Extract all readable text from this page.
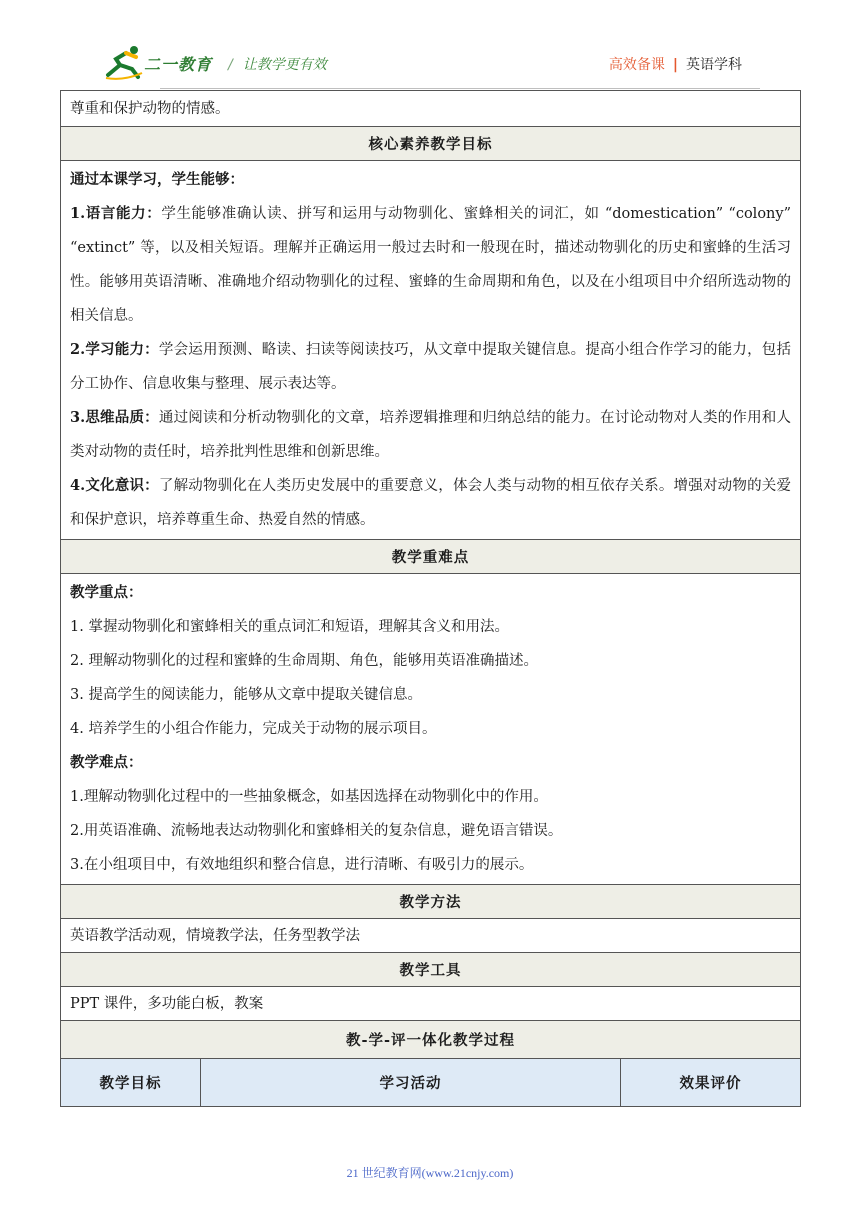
二一教育 / 让教学更有效	高效备课 | 英语学科
尊重和保护动物的情感。
核心素养教学目标

通过本课学习，学生能够：

1.语言能力：学生能够准确认读、拼写和运用与动物驯化、蜜蜂相关的词汇，如 “domestication” “colony” “extinct” 等，以及相关短语。理解并正确运用一般过去时和一般现在时，描述动物驯化的历史和蜜蜂的生活习性。能够用英语清晰、准确地介绍动物驯化的过程、蜜蜂的生命周期和角色，以及在小组项目中介绍所选动物的相关信息。

2.学习能力：学会运用预测、略读、扫读等阅读技巧，从文章中提取关键信息。提高小组合作学习的能力，包括分工协作、信息收集与整理、展示表达等。

3.思维品质：通过阅读和分析动物驯化的文章，培养逻辑推理和归纳总结的能力。在讨论动物对人类的作用和人类对动物的责任时，培养批判性思维和创新思维。

4.文化意识：了解动物驯化在人类历史发展中的重要意义，体会人类与动物的相互依存关系。增强对动物的关爱和保护意识，培养尊重生命、热爱自然的情感。

教学重难点

教学重点：

1. 掌握动物驯化和蜜蜂相关的重点词汇和短语，理解其含义和用法。

2. 理解动物驯化的过程和蜜蜂的生命周期、角色，能够用英语准确描述。

3. 提高学生的阅读能力，能够从文章中提取关键信息。

4. 培养学生的小组合作能力，完成关于动物的展示项目。

教学难点：

1.理解动物驯化过程中的一些抽象概念，如基因选择在动物驯化中的作用。

2.用英语准确、流畅地表达动物驯化和蜜蜂相关的复杂信息，避免语言错误。

3.在小组项目中，有效地组织和整合信息，进行清晰、有吸引力的展示。

教学方法
英语教学活动观，情境教学法，任务型教学法
教学工具
PPT 课件，多功能白板，教案
教-学-评一体化教学过程
教学目标	学习活动	效果评价
21 世纪教育网(www.21cnjy.com)
